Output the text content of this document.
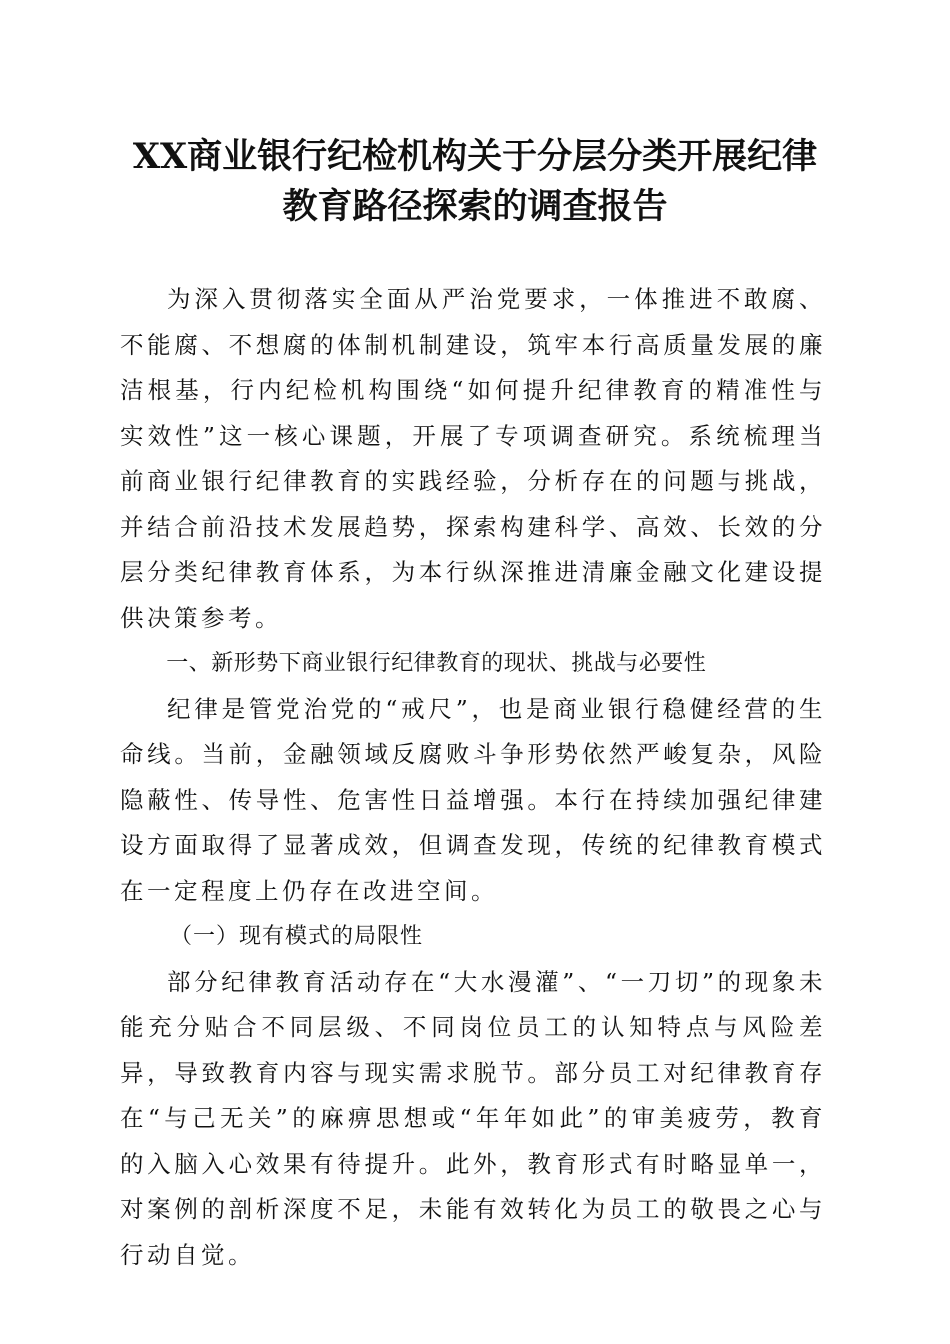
XX商业银行纪检机构关于分层分类开展纪律
教育路径探索的调查报告

为深入贯彻落实全面从严治党要求，一体推进不敢腐、不能腐、不想腐的体制机制建设，筑牢本行高质量发展的廉洁根基，行内纪检机构围绕“如何提升纪律教育的精准性与实效性”这一核心课题，开展了专项调查研究。系统梳理当前商业银行纪律教育的实践经验，分析存在的问题与挑战，并结合前沿技术发展趋势，探索构建科学、高效、长效的分层分类纪律教育体系，为本行纵深推进清廉金融文化建设提供决策参考。

一、新形势下商业银行纪律教育的现状、挑战与必要性

纪律是管党治党的“戒尺”，也是商业银行稳健经营的生命线。当前，金融领域反腐败斗争形势依然严峻复杂，风险隐蔽性、传导性、危害性日益增强。本行在持续加强纪律建设方面取得了显著成效，但调查发现，传统的纪律教育模式在一定程度上仍存在改进空间。

（一）现有模式的局限性

部分纪律教育活动存在“大水漫灌”、“一刀切”的现象未能充分贴合不同层级、不同岗位员工的认知特点与风险差异，导致教育内容与现实需求脱节。部分员工对纪律教育存在“与己无关”的麻痹思想或“年年如此”的审美疲劳，教育的入脑入心效果有待提升。此外，教育形式有时略显单一，对案例的剖析深度不足，未能有效转化为员工的敬畏之心与行动自觉。
